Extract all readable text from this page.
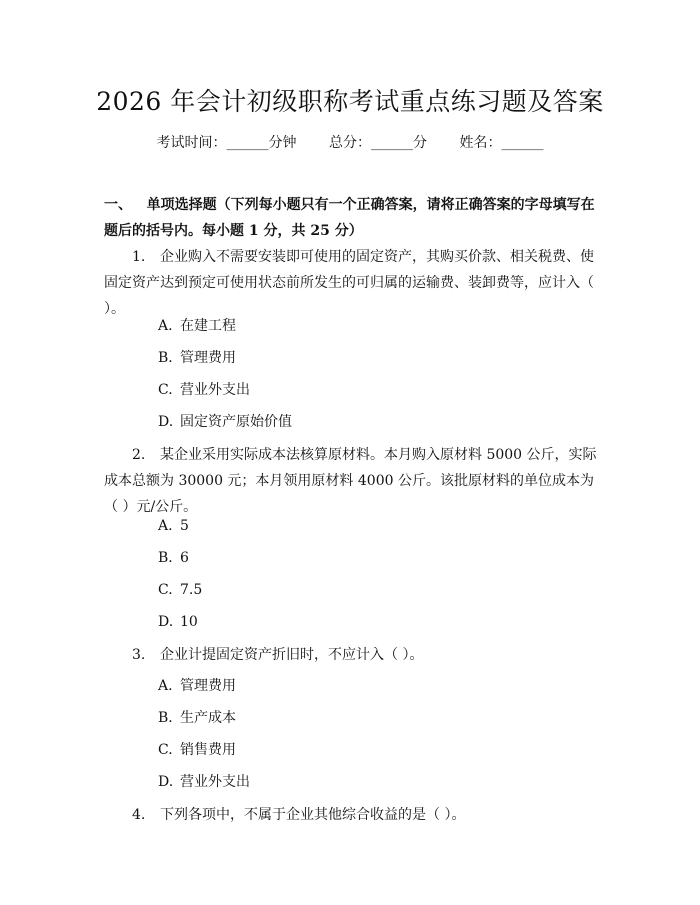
2026 年会计初级职称考试重点练习题及答案
考试时间：______分钟 总分：______分 姓名：______
一、 单项选择题（下列每小题只有一个正确答案，请将正确答案的字母填写在题后的括号内。每小题 1 分，共 25 分）
1. 企业购入不需要安装即可使用的固定资产，其购买价款、相关税费、使固定资产达到预定可使用状态前所发生的可归属的运输费、装卸费等，应计入（ ）。
A. 在建工程
B. 管理费用
C. 营业外支出
D. 固定资产原始价值
2. 某企业采用实际成本法核算原材料。本月购入原材料 5000 公斤，实际成本总额为 30000 元；本月领用原材料 4000 公斤。该批原材料的单位成本为（ ）元/公斤。
A. 5
B. 6
C. 7.5
D. 10
3. 企业计提固定资产折旧时，不应计入（ ）。
A. 管理费用
B. 生产成本
C. 销售费用
D. 营业外支出
4. 下列各项中，不属于企业其他综合收益的是（ ）。
